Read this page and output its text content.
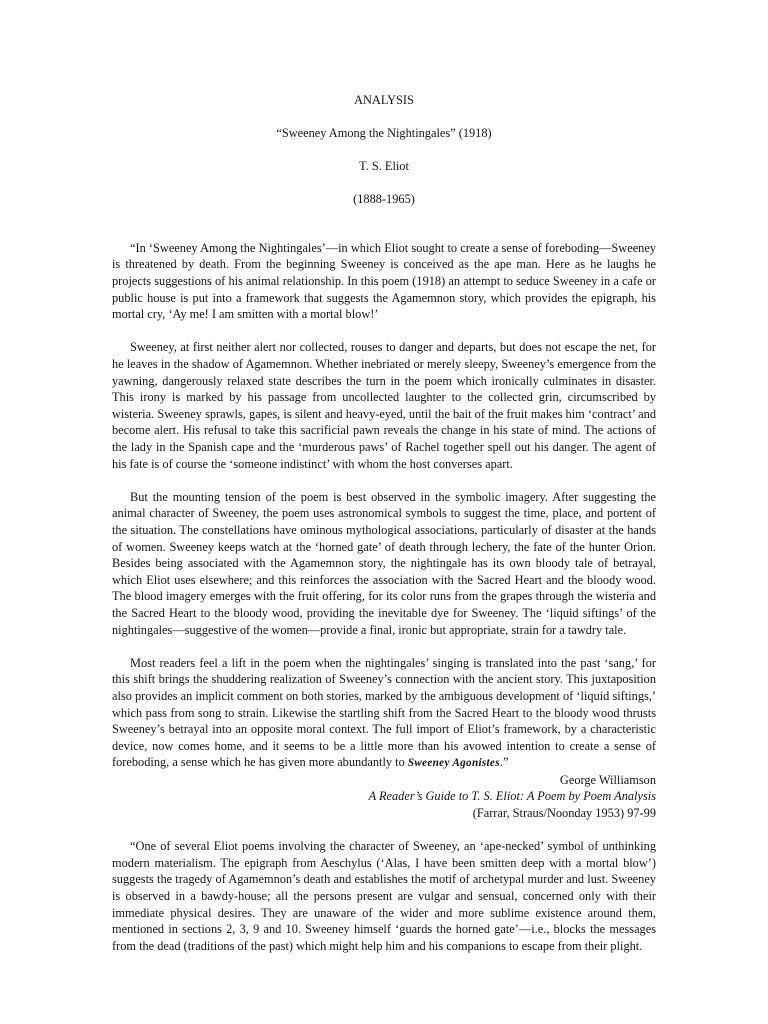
ANALYSIS

“Sweeney Among the Nightingales” (1918)

T. S. Eliot

(1888-1965)

“In ‘Sweeney Among the Nightingales’—in which Eliot sought to create a sense of foreboding—Sweeney is threatened by death. From the beginning Sweeney is conceived as the ape man. Here as he laughs he projects suggestions of his animal relationship. In this poem (1918) an attempt to seduce Sweeney in a cafe or public house is put into a framework that suggests the Agamemnon story, which provides the epigraph, his mortal cry, ‘Ay me! I am smitten with a mortal blow!’

Sweeney, at first neither alert nor collected, rouses to danger and departs, but does not escape the net, for he leaves in the shadow of Agamemnon. Whether inebriated or merely sleepy, Sweeney’s emergence from the yawning, dangerously relaxed state describes the turn in the poem which ironically culminates in disaster. This irony is marked by his passage from uncollected laughter to the collected grin, circumscribed by wisteria. Sweeney sprawls, gapes, is silent and heavy-eyed, until the bait of the fruit makes him ‘contract’ and become alert. His refusal to take this sacrificial pawn reveals the change in his state of mind. The actions of the lady in the Spanish cape and the ‘murderous paws’ of Rachel together spell out his danger. The agent of his fate is of course the ‘someone indistinct’ with whom the host converses apart.

But the mounting tension of the poem is best observed in the symbolic imagery. After suggesting the animal character of Sweeney, the poem uses astronomical symbols to suggest the time, place, and portent of the situation. The constellations have ominous mythological associations, particularly of disaster at the hands of women. Sweeney keeps watch at the ‘horned gate’ of death through lechery, the fate of the hunter Orion. Besides being associated with the Agamemnon story, the nightingale has its own bloody tale of betrayal, which Eliot uses elsewhere; and this reinforces the association with the Sacred Heart and the bloody wood. The blood imagery emerges with the fruit offering, for its color runs from the grapes through the wisteria and the Sacred Heart to the bloody wood, providing the inevitable dye for Sweeney. The ‘liquid siftings’ of the nightingales—suggestive of the women—provide a final, ironic but appropriate, strain for a tawdry tale.

Most readers feel a lift in the poem when the nightingales’ singing is translated into the past ‘sang,’ for this shift brings the shuddering realization of Sweeney’s connection with the ancient story. This juxtaposition also provides an implicit comment on both stories, marked by the ambiguous development of ‘liquid siftings,’ which pass from song to strain. Likewise the startling shift from the Sacred Heart to the bloody wood thrusts Sweeney’s betrayal into an opposite moral context. The full import of Eliot’s framework, by a characteristic device, now comes home, and it seems to be a little more than his avowed intention to create a sense of foreboding, a sense which he has given more abundantly to Sweeney Agonistes.”

George Williamson

A Reader’s Guide to T. S. Eliot: A Poem by Poem Analysis

(Farrar, Straus/Noonday 1953) 97-99

“One of several Eliot poems involving the character of Sweeney, an ‘ape-necked’ symbol of unthinking modern materialism. The epigraph from Aeschylus (‘Alas, I have been smitten deep with a mortal blow’) suggests the tragedy of Agamemnon’s death and establishes the motif of archetypal murder and lust. Sweeney is observed in a bawdy-house; all the persons present are vulgar and sensual, concerned only with their immediate physical desires. They are unaware of the wider and more sublime existence around them, mentioned in sections 2, 3, 9 and 10. Sweeney himself ‘guards the horned gate’—i.e., blocks the messages from the dead (traditions of the past) which might help him and his companions to escape from their plight.
